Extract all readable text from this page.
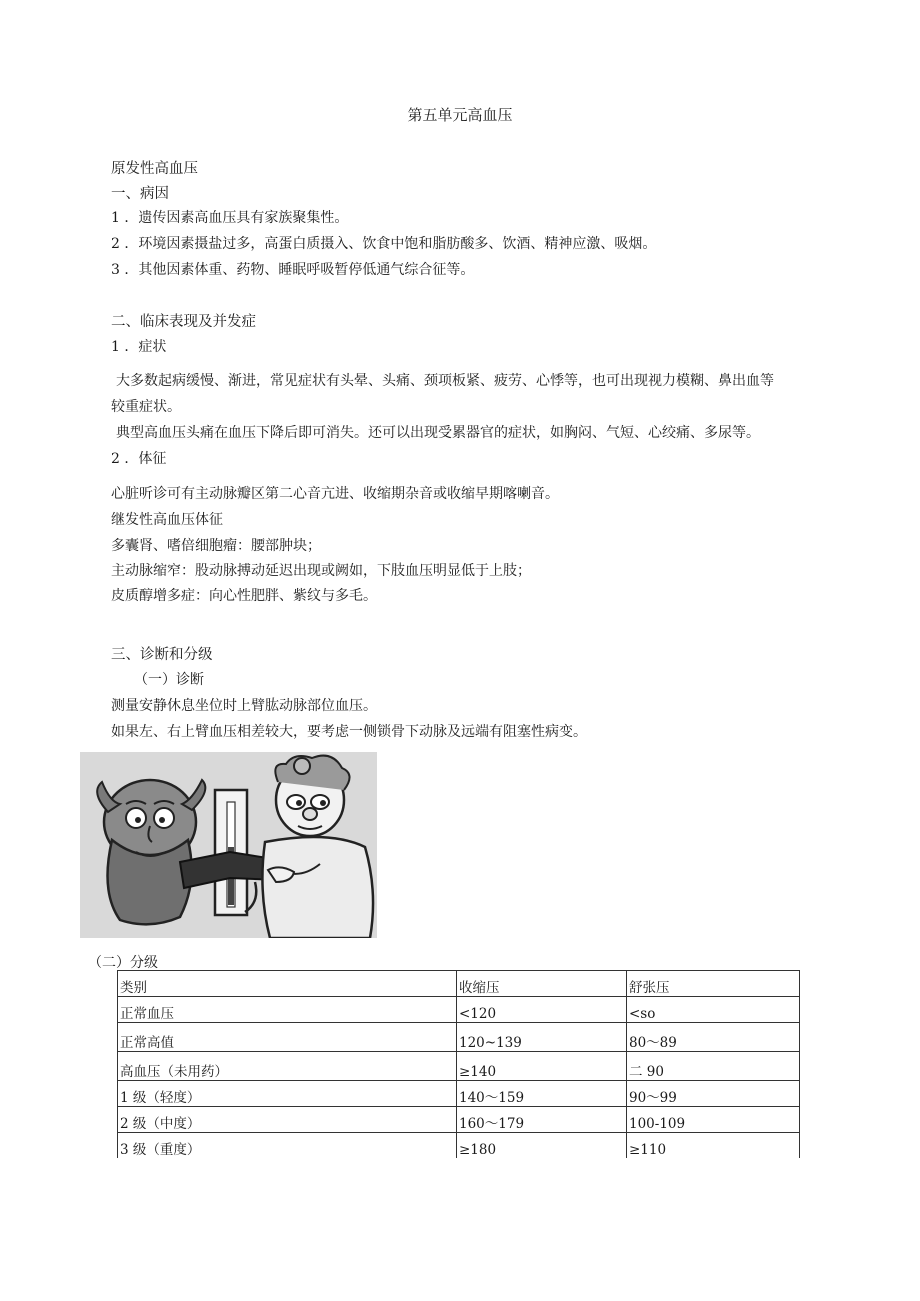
第五单元高血压
原发性高血压
一、病因
1 ．遗传因素高血压具有家族聚集性。
2 ．环境因素摄盐过多，高蛋白质摄入、饮食中饱和脂肪酸多、饮酒、精神应激、吸烟。
3 ．其他因素体重、药物、睡眠呼吸暂停低通气综合征等。
二、临床表现及并发症
1 ．症状
大多数起病缓慢、渐进，常见症状有头晕、头痛、颈项板紧、疲劳、心悸等，也可出现视力模糊、鼻出血等
较重症状。
典型高血压头痛在血压下降后即可消失。还可以出现受累器官的症状，如胸闷、气短、心绞痛、多尿等。
2 ．体征
心脏听诊可有主动脉瓣区第二心音亢进、收缩期杂音或收缩早期喀喇音。
继发性高血压体征
多囊肾、嗜倍细胞瘤：腰部肿块；
主动脉缩窄：股动脉搏动延迟出现或阙如，下肢血压明显低于上肢；
皮质醇增多症：向心性肥胖、紫纹与多毛。
三、诊断和分级
（一）诊断
测量安静休息坐位时上臂肱动脉部位血压。
如果左、右上臂血压相差较大，要考虑一侧锁骨下动脉及远端有阻塞性病变。
（二）分级
类别	收缩压	舒张压
正常血压	<120	<so
正常高值	120~139	80～89
高血压（未用药）	≥140	二 90
1 级（轻度）	140～159	90～99
2 级（中度）	160～179	100-109
3 级（重度）	≥180	≥110
